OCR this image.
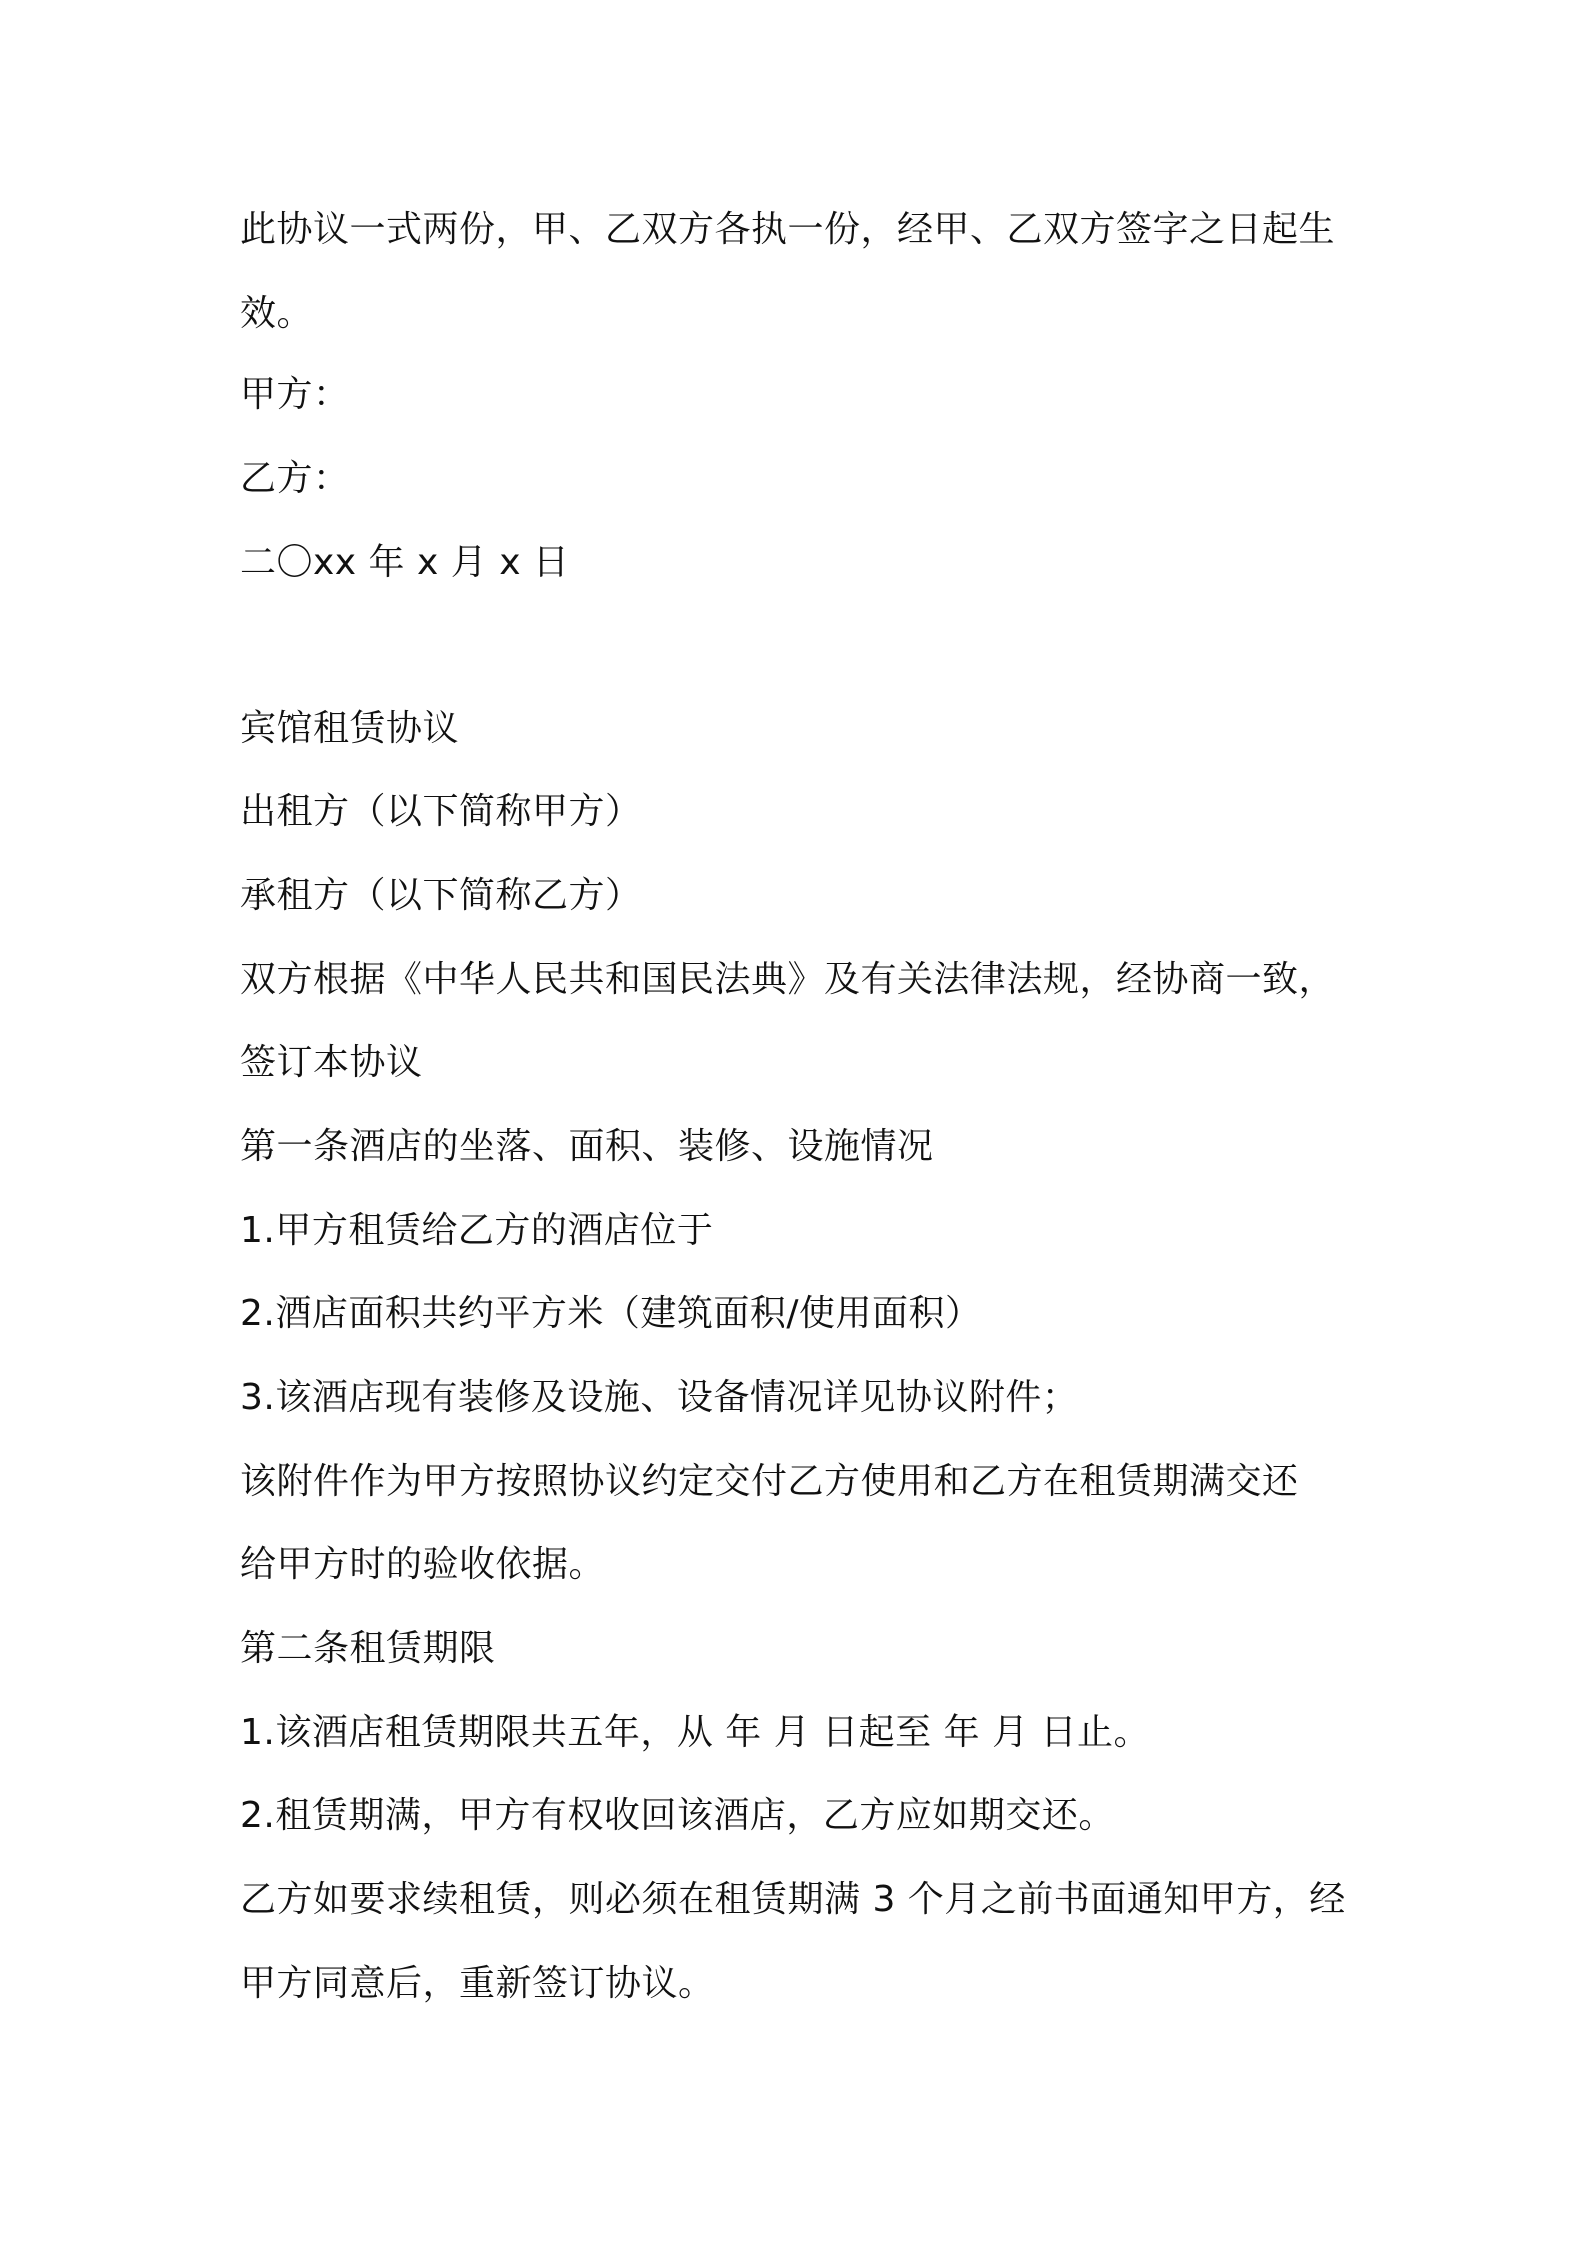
此协议一式两份，甲、乙双方各执一份，经甲、乙双方签字之日起生
效。
甲方：
乙方：
二〇xx 年 x 月 x 日
宾馆租赁协议
出租方（以下简称甲方）
承租方（以下简称乙方）
双方根据《中华人民共和国民法典》及有关法律法规，经协商一致，
签订本协议
第一条酒店的坐落、面积、装修、设施情况
1.甲方租赁给乙方的酒店位于
2.酒店面积共约平方米（建筑面积/使用面积）
3.该酒店现有装修及设施、设备情况详见协议附件；
该附件作为甲方按照协议约定交付乙方使用和乙方在租赁期满交还
给甲方时的验收依据。
第二条租赁期限
1.该酒店租赁期限共五年，从 年 月 日起至 年 月 日止。
2.租赁期满，甲方有权收回该酒店，乙方应如期交还。
乙方如要求续租赁，则必须在租赁期满 3 个月之前书面通知甲方，经
甲方同意后，重新签订协议。
